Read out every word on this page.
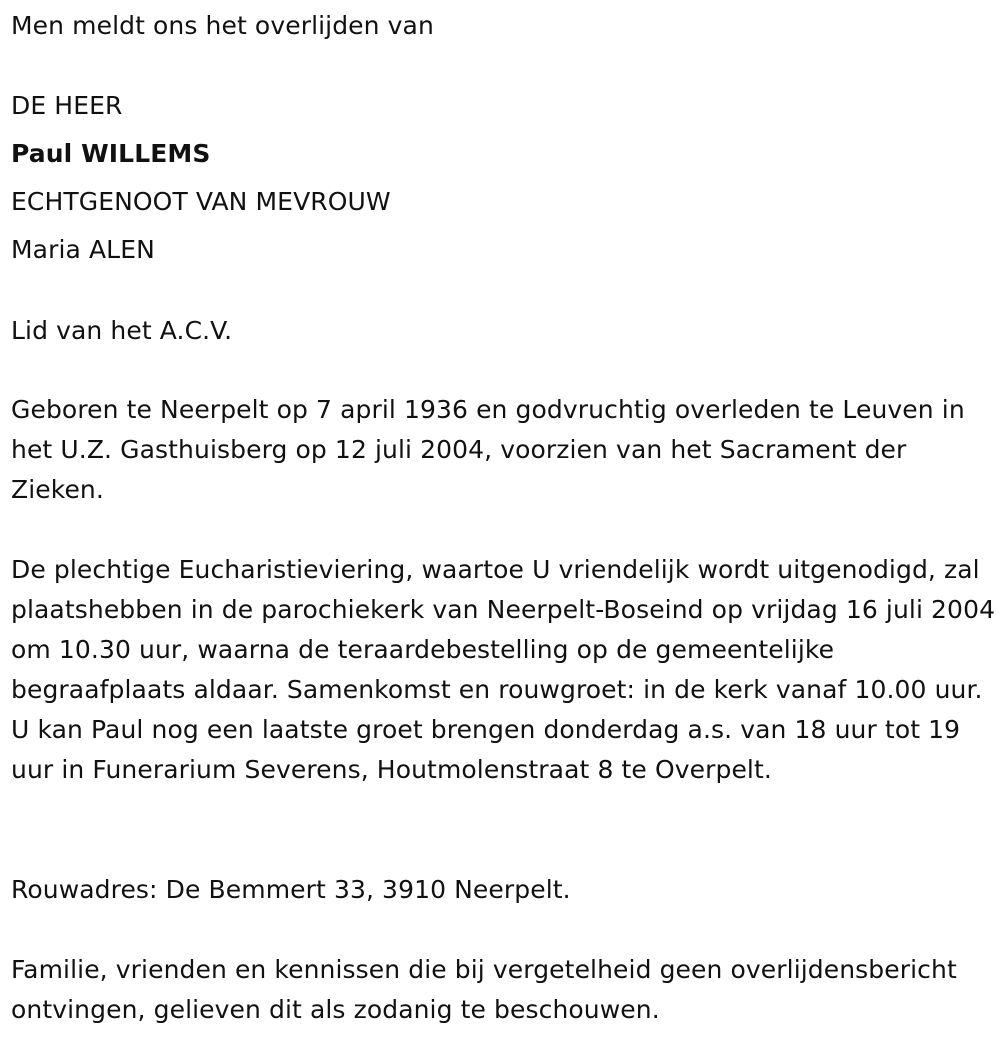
Men meldt ons het overlijden van
DE HEER
Paul WILLEMS
ECHTGENOOT VAN MEVROUW
Maria ALEN
Lid van het A.C.V.
Geboren te Neerpelt op 7 april 1936 en godvruchtig overleden te Leuven in het U.Z. Gasthuisberg op 12 juli 2004, voorzien van het Sacrament der Zieken.
De plechtige Eucharistieviering, waartoe U vriendelijk wordt uitgenodigd, zal plaatshebben in de parochiekerk van Neerpelt-Boseind op vrijdag 16 juli 2004 om 10.30 uur, waarna de teraardebestelling op de gemeentelijke begraafplaats aldaar. Samenkomst en rouwgroet: in de kerk vanaf 10.00 uur. U kan Paul nog een laatste groet brengen donderdag a.s. van 18 uur tot 19 uur in Funerarium Severens, Houtmolenstraat 8 te Overpelt.
Rouwadres: De Bemmert 33, 3910 Neerpelt.
Familie, vrienden en kennissen die bij vergetelheid geen overlijdensbericht ontvingen, gelieven dit als zodanig te beschouwen.
